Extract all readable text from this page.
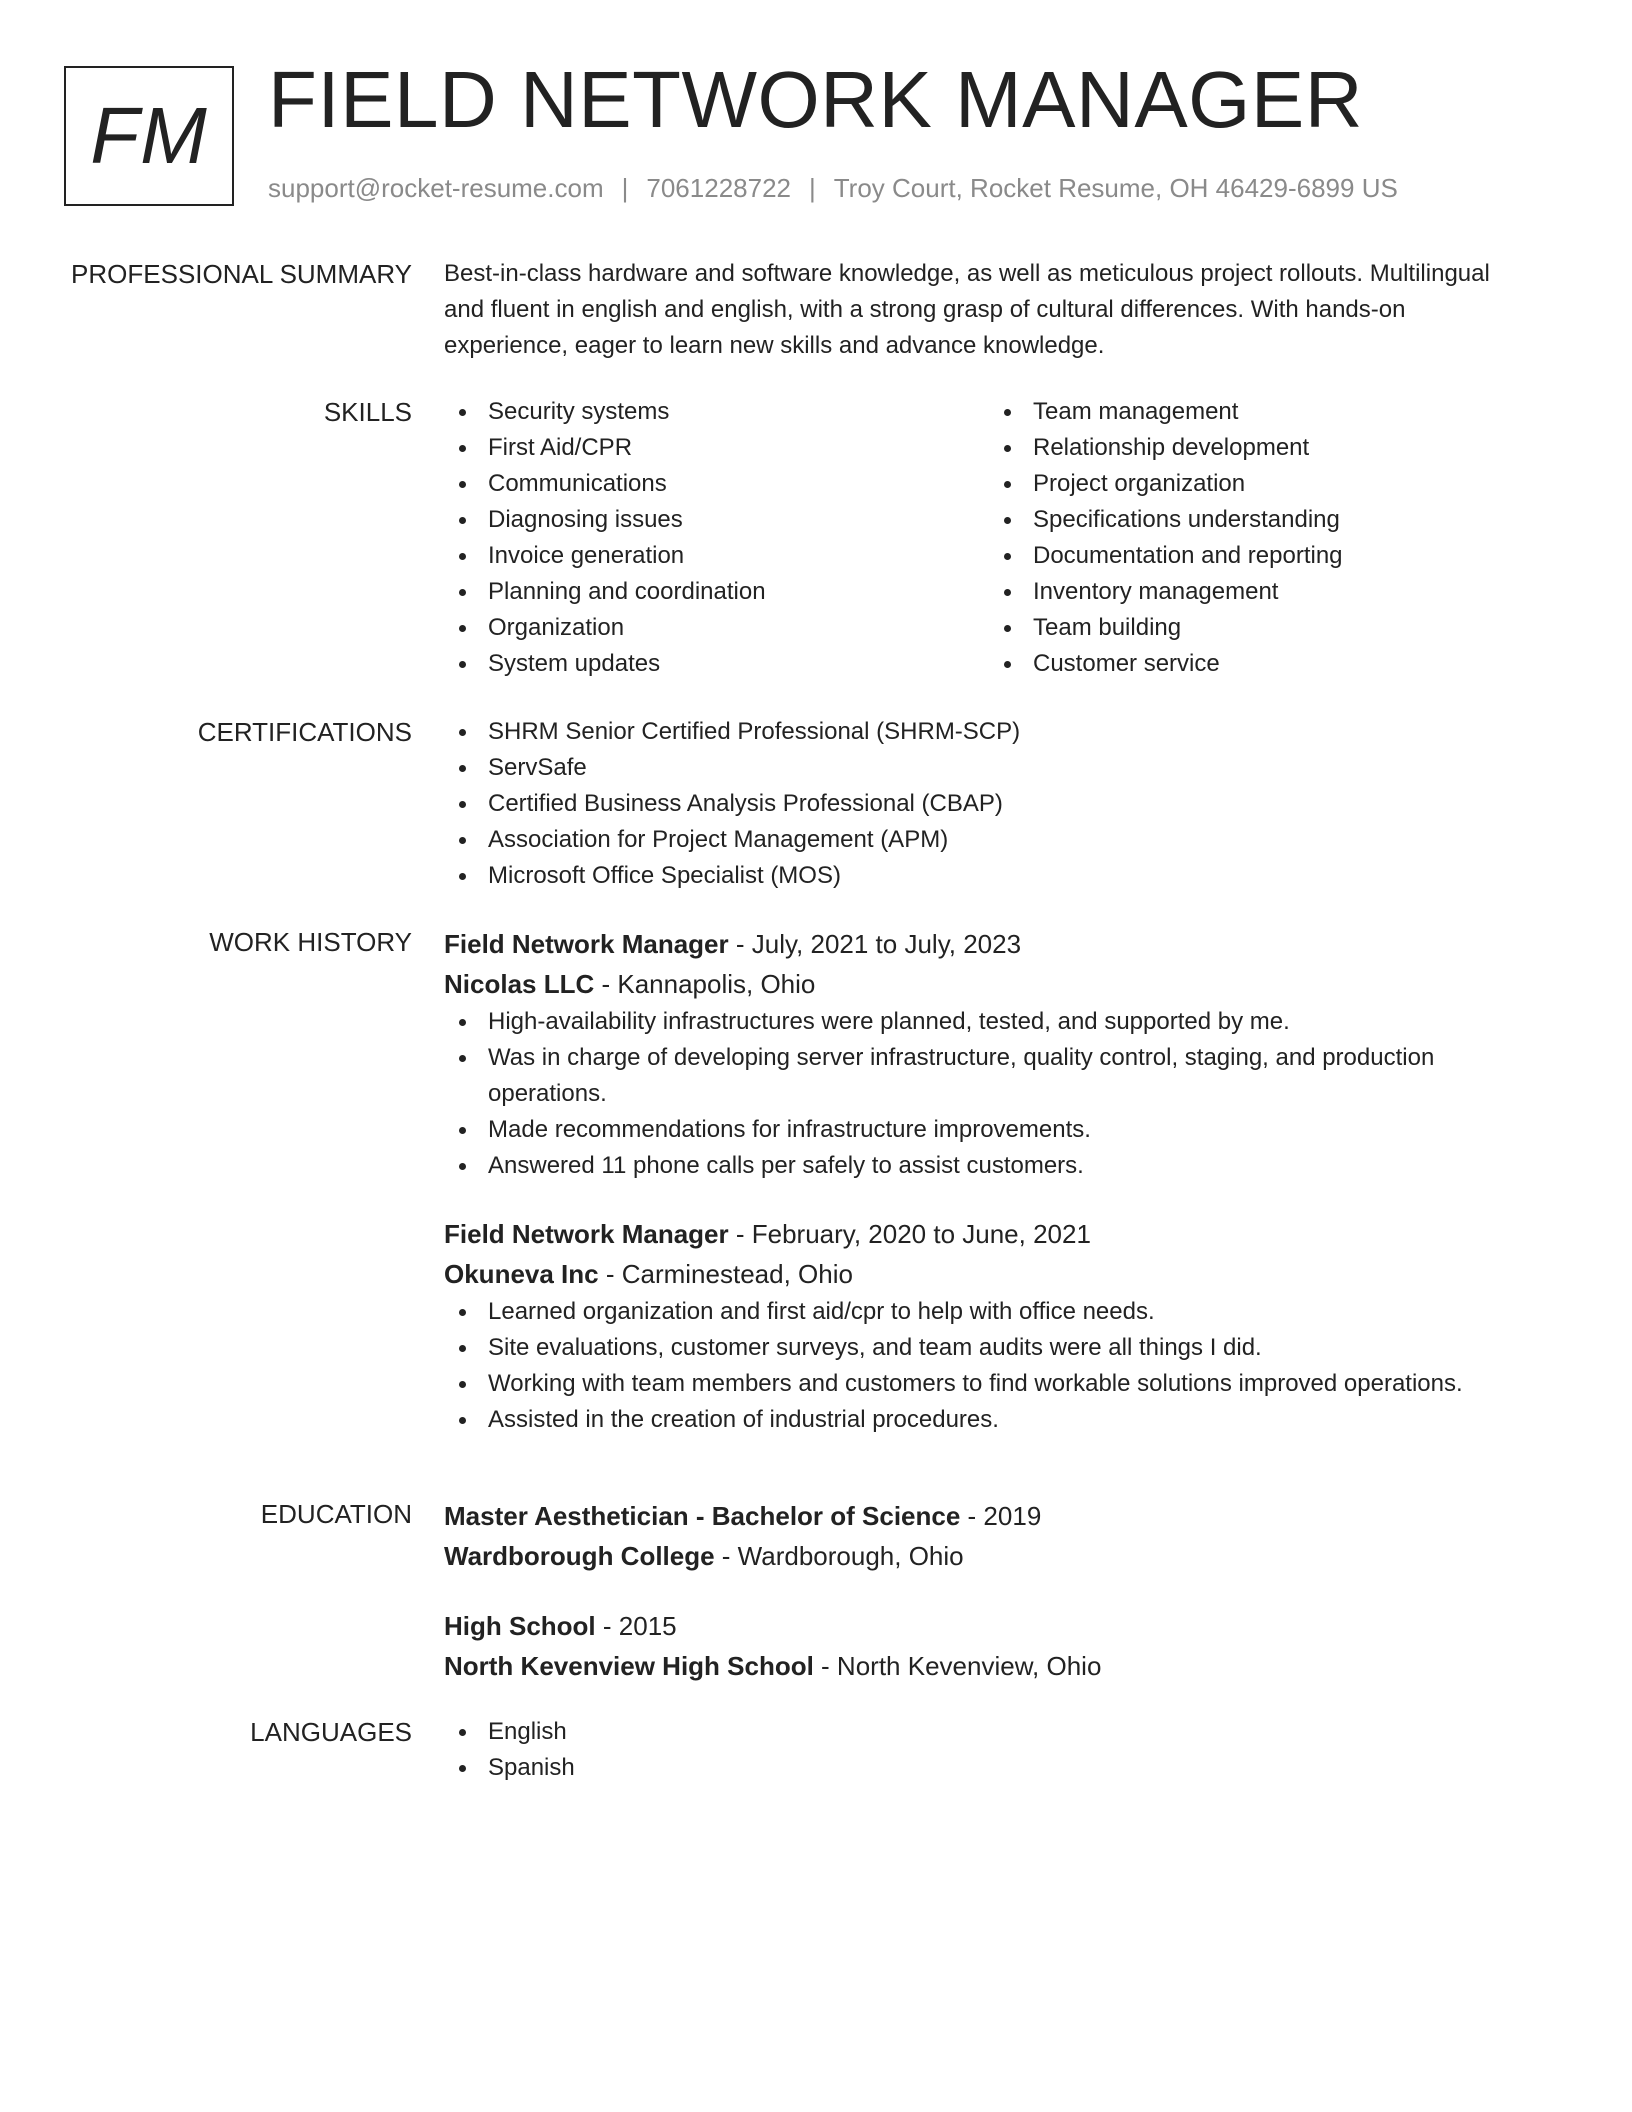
FM FIELD NETWORK MANAGER
support@rocket-resume.com | 7061228722 | Troy Court, Rocket Resume, OH 46429-6899 US
PROFESSIONAL SUMMARY Best-in-class hardware and software knowledge, as well as meticulous project rollouts. Multilingual and fluent in english and english, with a strong grasp of cultural differences. With hands-on experience, eager to learn new skills and advance knowledge.
SKILLS	Security systems
First Aid/CPR
Communications
Diagnosing issues
Invoice generation
Planning and coordination
Organization
System updates
Team management
Relationship development
Project organization
Specifications understanding
Documentation and reporting
Inventory management
Team building
Customer service
CERTIFICATIONS	SHRM Senior Certified Professional (SHRM-SCP)
ServSafe
Certified Business Analysis Professional (CBAP)
Association for Project Management (APM)
Microsoft Office Specialist (MOS)
WORK HISTORY Field Network Manager - July, 2021 to July, 2023
Nicolas LLC - Kannapolis, Ohio
High-availability infrastructures were planned, tested, and supported by me.
Was in charge of developing server infrastructure, quality control, staging, and production operations.
Made recommendations for infrastructure improvements.
Answered 11 phone calls per safely to assist customers.
Field Network Manager - February, 2020 to June, 2021
Okuneva Inc - Carminestead, Ohio
Learned organization and first aid/cpr to help with office needs.
Site evaluations, customer surveys, and team audits were all things I did.
Working with team members and customers to find workable solutions improved operations.
Assisted in the creation of industrial procedures.
EDUCATION Master Aesthetician - Bachelor of Science - 2019
Wardborough College - Wardborough, Ohio
High School - 2015
North Kevenview High School - North Kevenview, Ohio
LANGUAGES	English
Spanish
